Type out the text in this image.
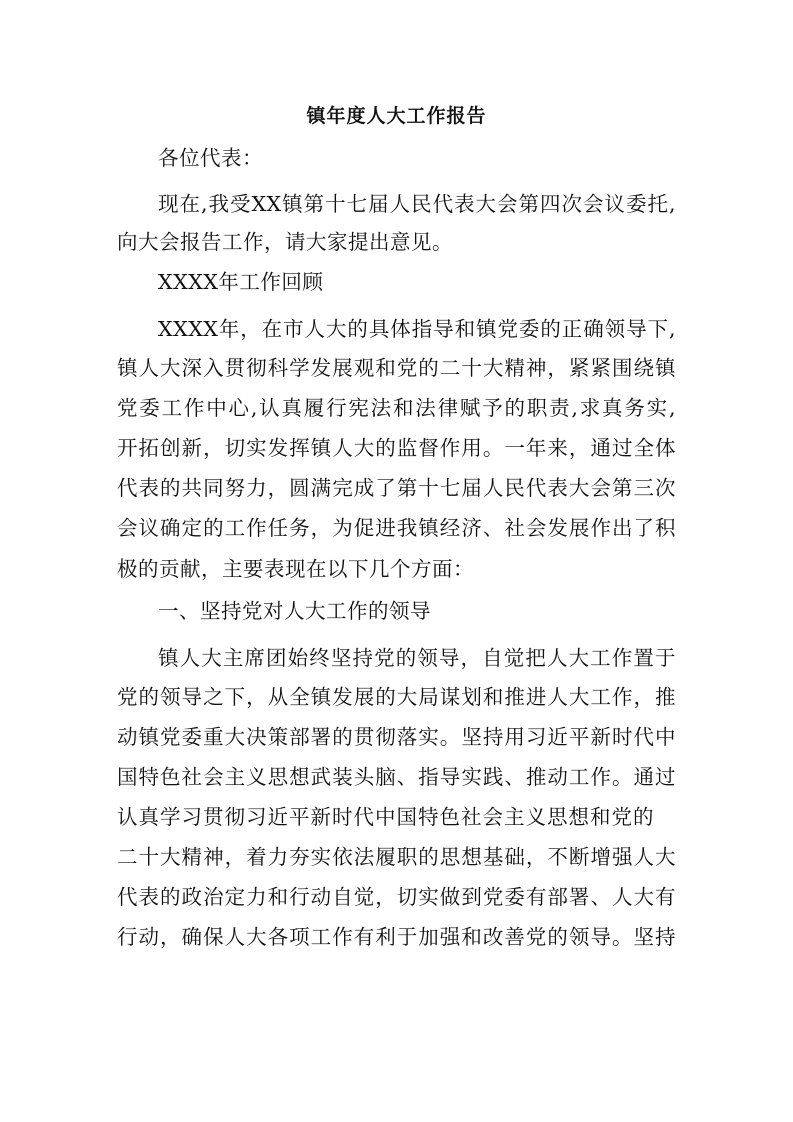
镇年度人大工作报告
各位代表：
现在,我受XX镇第十七届人民代表大会第四次会议委托,
向大会报告工作，请大家提出意见。
XXXX年工作回顾
XXXX年，在市人大的具体指导和镇党委的正确领导下,
镇人大深入贯彻科学发展观和党的二十大精神，紧紧围绕镇
党委工作中心,认真履行宪法和法律赋予的职责,求真务实,
开拓创新，切实发挥镇人大的监督作用。一年来，通过全体
代表的共同努力，圆满完成了第十七届人民代表大会第三次
会议确定的工作任务，为促进我镇经济、社会发展作出了积
极的贡献，主要表现在以下几个方面：
一、坚持党对人大工作的领导
镇人大主席团始终坚持党的领导，自觉把人大工作置于
党的领导之下，从全镇发展的大局谋划和推进人大工作，推
动镇党委重大决策部署的贯彻落实。坚持用习近平新时代中
国特色社会主义思想武装头脑、指导实践、推动工作。通过
认真学习贯彻习近平新时代中国特色社会主义思想和党的
二十大精神，着力夯实依法履职的思想基础，不断增强人大
代表的政治定力和行动自觉，切实做到党委有部署、人大有
行动，确保人大各项工作有利于加强和改善党的领导。坚持
